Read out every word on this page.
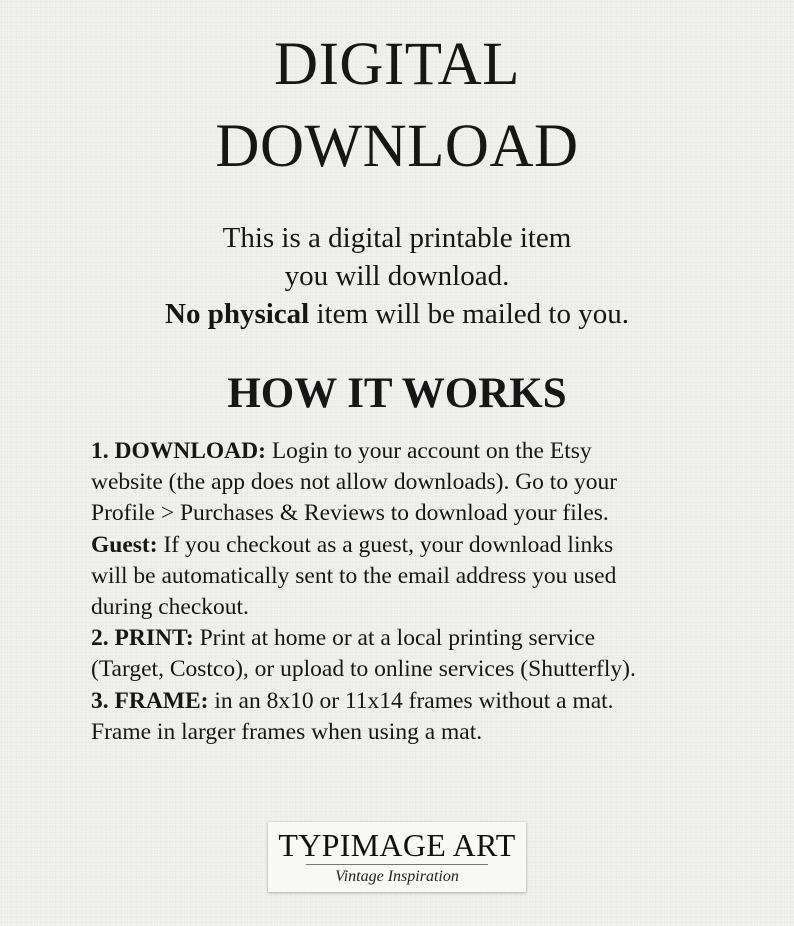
DIGITAL
DOWNLOAD

This is a digital printable item
you will download.
No physical item will be mailed to you.

HOW IT WORKS
1. DOWNLOAD: Login to your account on the Etsy
website (the app does not allow downloads). Go to your
Profile > Purchases & Reviews to download your files.
Guest: If you checkout as a guest, your download links
will be automatically sent to the email address you used
during checkout.
2. PRINT: Print at home or at a local printing service
(Target, Costco), or upload to online services (Shutterfly).
3. FRAME: in an 8x10 or 11x14 frames without a mat.
Frame in larger frames when using a mat.
TYPIMAGE ART
Vintage Inspiration
